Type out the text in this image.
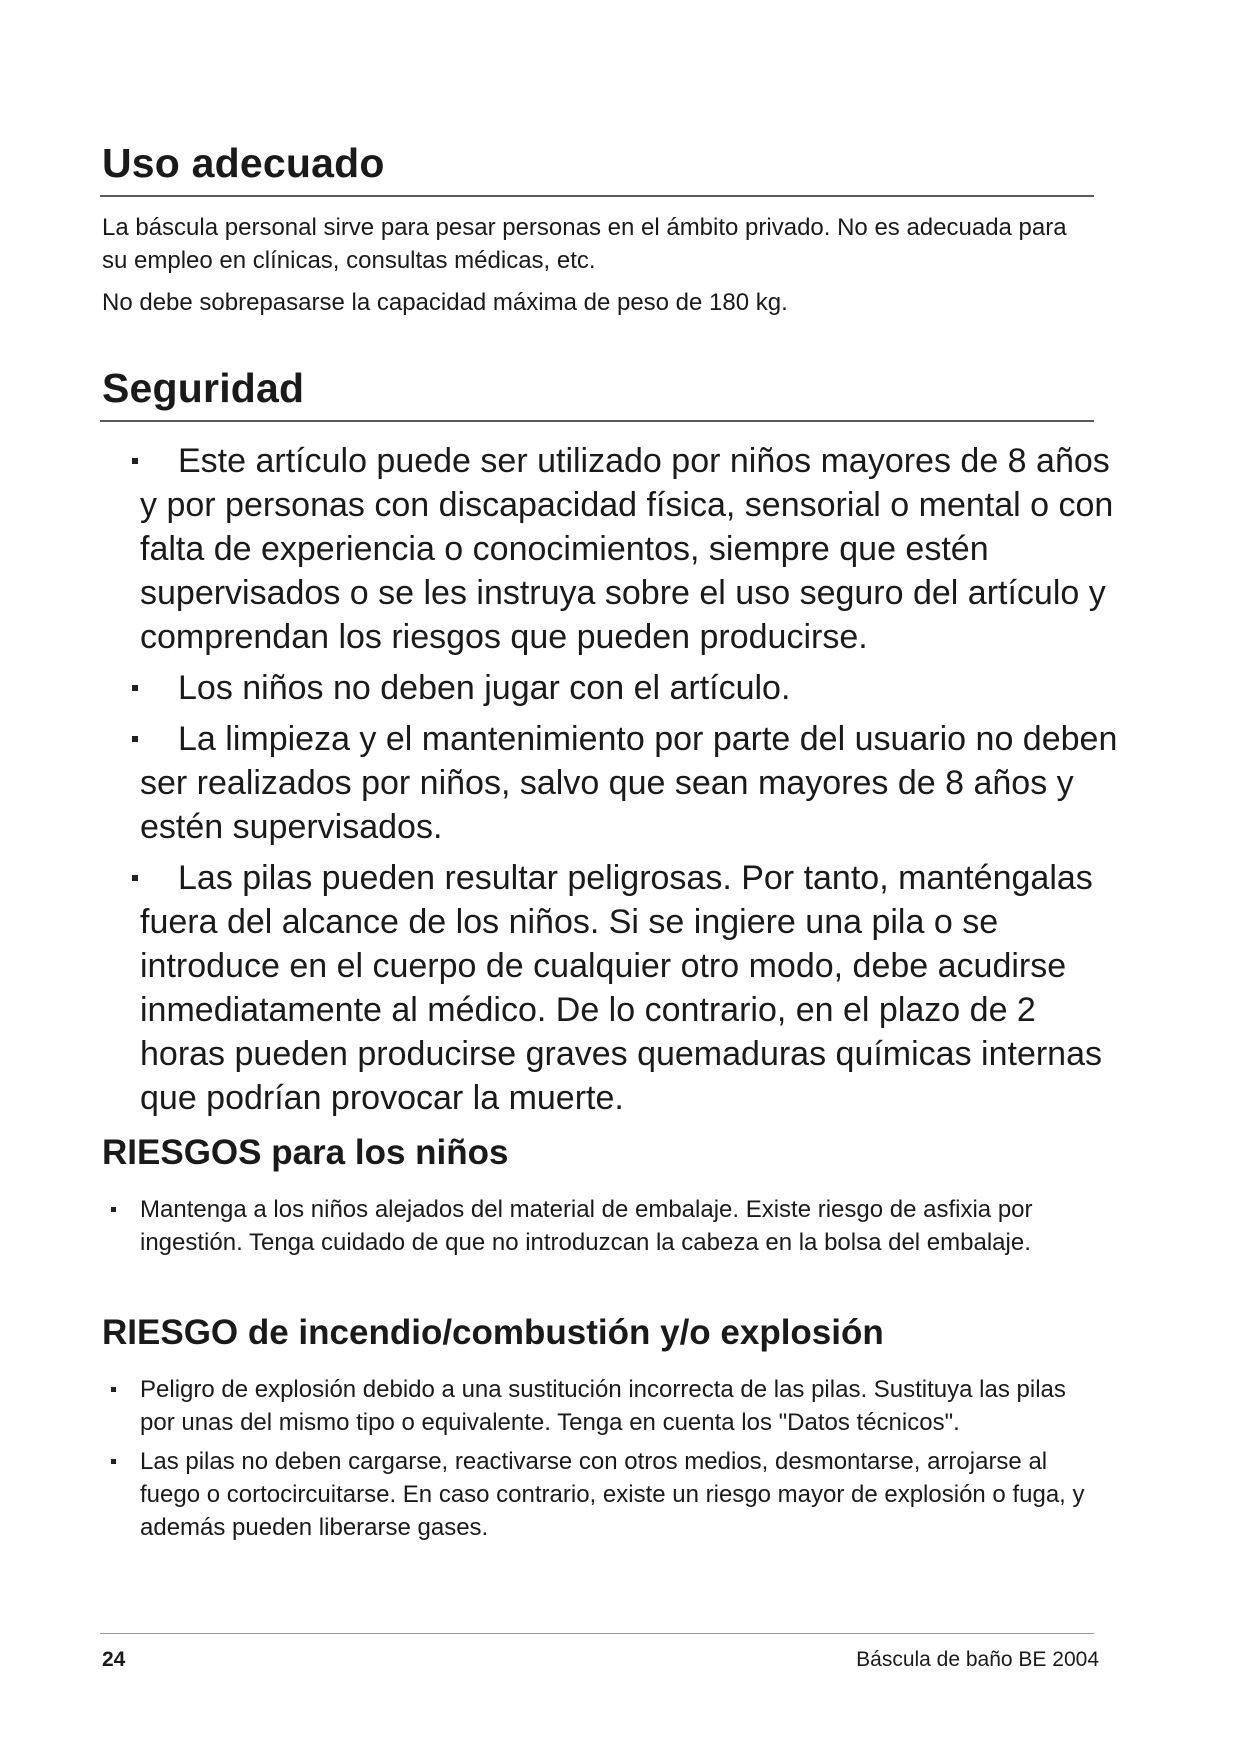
Uso adecuado

La báscula personal sirve para pesar personas en el ámbito privado. No es adecuada para su empleo en clínicas, consultas médicas, etc.

No debe sobrepasarse la capacidad máxima de peso de 180 kg.

Seguridad
Este artículo puede ser utilizado por niños mayores de 8 años y por personas con discapacidad física, sensorial o mental o con falta de experiencia o conocimientos, siempre que estén supervisados o se les instruya sobre el uso seguro del artículo y comprendan los riesgos que pueden producirse.
Los niños no deben jugar con el artículo.
La limpieza y el mantenimiento por parte del usuario no deben ser realizados por niños, salvo que sean mayores de 8 años y estén supervisados.
Las pilas pueden resultar peligrosas. Por tanto, manténgalas fuera del alcance de los niños. Si se ingiere una pila o se introduce en el cuerpo de cualquier otro modo, debe acudirse inmediatamente al médico. De lo contrario, en el plazo de 2 horas pueden producirse graves quemaduras químicas internas que podrían provocar la muerte.
RIESGOS para los niños
Mantenga a los niños alejados del material de embalaje. Existe riesgo de asfixia por ingestión. Tenga cuidado de que no introduzcan la cabeza en la bolsa del embalaje.
RIESGO de incendio/combustión y/o explosión
Peligro de explosión debido a una sustitución incorrecta de las pilas. Sustituya las pilas por unas del mismo tipo o equivalente. Tenga en cuenta los "Datos técnicos".
Las pilas no deben cargarse, reactivarse con otros medios, desmontarse, arrojarse al fuego o cortocircuitarse. En caso contrario, existe un riesgo mayor de explosión o fuga, y además pueden liberarse gases.
24	Báscula de baño BE 2004
